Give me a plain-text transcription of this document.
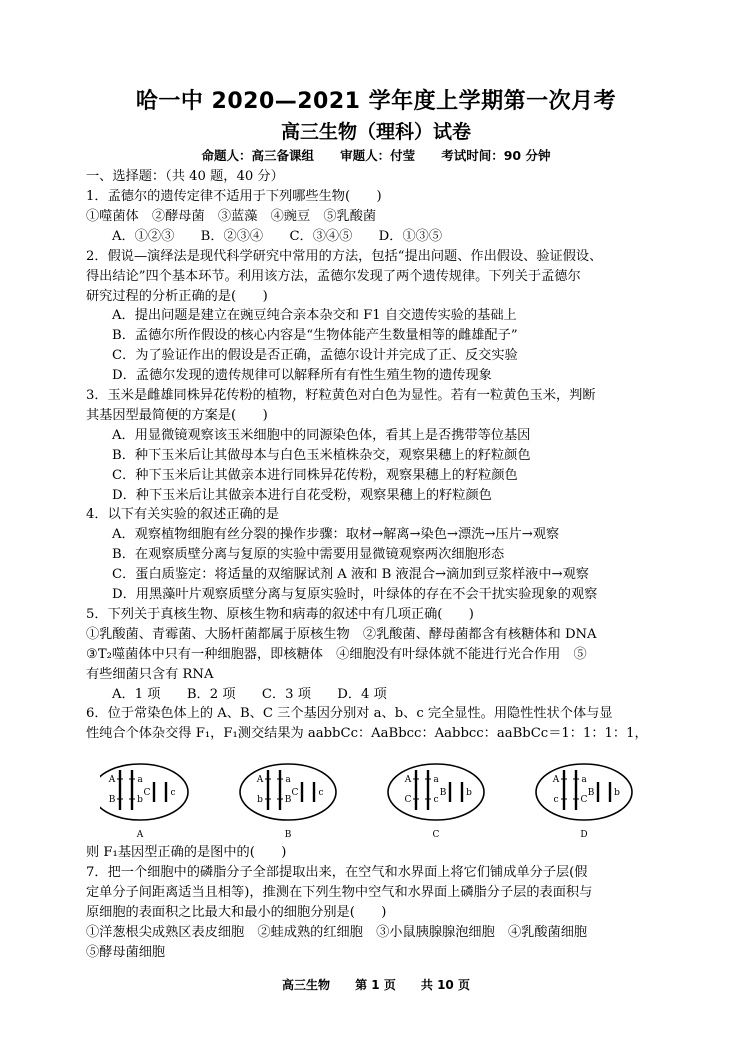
哈一中 2020—2021 学年度上学期第一次月考
高三生物（理科）试卷
命题人：高三备课组      审题人：付莹      考试时间：90 分钟
一、选择题：（共 40 题，40 分）
1．孟德尔的遗传定律不适用于下列哪些生物(　　)
①噬菌体　②酵母菌　③蓝藻　④豌豆　⑤乳酸菌
A．①②③　　B．②③④　　C．③④⑤　　D．①③⑤
2．假说—演绎法是现代科学研究中常用的方法，包括“提出问题、作出假设、验证假设、
得出结论”四个基本环节。利用该方法，孟德尔发现了两个遗传规律。下列关于孟德尔
研究过程的分析正确的是(　　)
A．提出问题是建立在豌豆纯合亲本杂交和 F1 自交遗传实验的基础上
B．孟德尔所作假设的核心内容是“生物体能产生数量相等的雌雄配子”
C．为了验证作出的假设是否正确，孟德尔设计并完成了正、反交实验
D．孟德尔发现的遗传规律可以解释所有有性生殖生物的遗传现象
3．玉米是雌雄同株异花传粉的植物，籽粒黄色对白色为显性。若有一粒黄色玉米，判断
其基因型最简便的方案是(　　)
A．用显微镜观察该玉米细胞中的同源染色体，看其上是否携带等位基因
B．种下玉米后让其做母本与白色玉米植株杂交，观察果穗上的籽粒颜色
C．种下玉米后让其做亲本进行同株异花传粉，观察果穗上的籽粒颜色
D．种下玉米后让其做亲本进行自花受粉，观察果穗上的籽粒颜色
4．以下有关实验的叙述正确的是
A．观察植物细胞有丝分裂的操作步骤：取材→解离→染色→漂洗→压片→观察
B．在观察质壁分离与复原的实验中需要用显微镜观察两次细胞形态
C．蛋白质鉴定：将适量的双缩脲试剂 A 液和 B 液混合→滴加到豆浆样液中→观察
D．用黑藻叶片观察质壁分离与复原实验时，叶绿体的存在不会干扰实验现象的观察
5．下列关于真核生物、原核生物和病毒的叙述中有几项正确(　　)
①乳酸菌、青霉菌、大肠杆菌都属于原核生物　②乳酸菌、酵母菌都含有核糖体和 DNA
③T₂噬菌体中只有一种细胞器，即核糖体　④细胞没有叶绿体就不能进行光合作用　⑤
有些细菌只含有 RNA
A．1 项　　B．2 项　　C．3 项　　D．4 项
6．位于常染色体上的 A、B、C 三个基因分别对 a、b、c 完全显性。用隐性性状个体与显
性纯合个体杂交得 F₁，F₁测交结果为 aabbCc：AaBbcc：Aabbcc：aaBbCc＝1：1：1：1，
A
B
a
b
C c
A
A
b
a
B
C c
B
A
C
a
c
B b
C
A
c
a
C
B b
D
则 F₁基因型正确的是图中的(　　)
7．把一个细胞中的磷脂分子全部提取出来，在空气和水界面上将它们铺成单分子层(假
定单分子间距离适当且相等)，推测在下列生物中空气和水界面上磷脂分子层的表面积与
原细胞的表面积之比最大和最小的细胞分别是(　　)
①洋葱根尖成熟区表皮细胞　②蛙成熟的红细胞　③小鼠胰腺腺泡细胞　④乳酸菌细胞
⑤酵母菌细胞
高三生物      第 1 页      共 10 页
